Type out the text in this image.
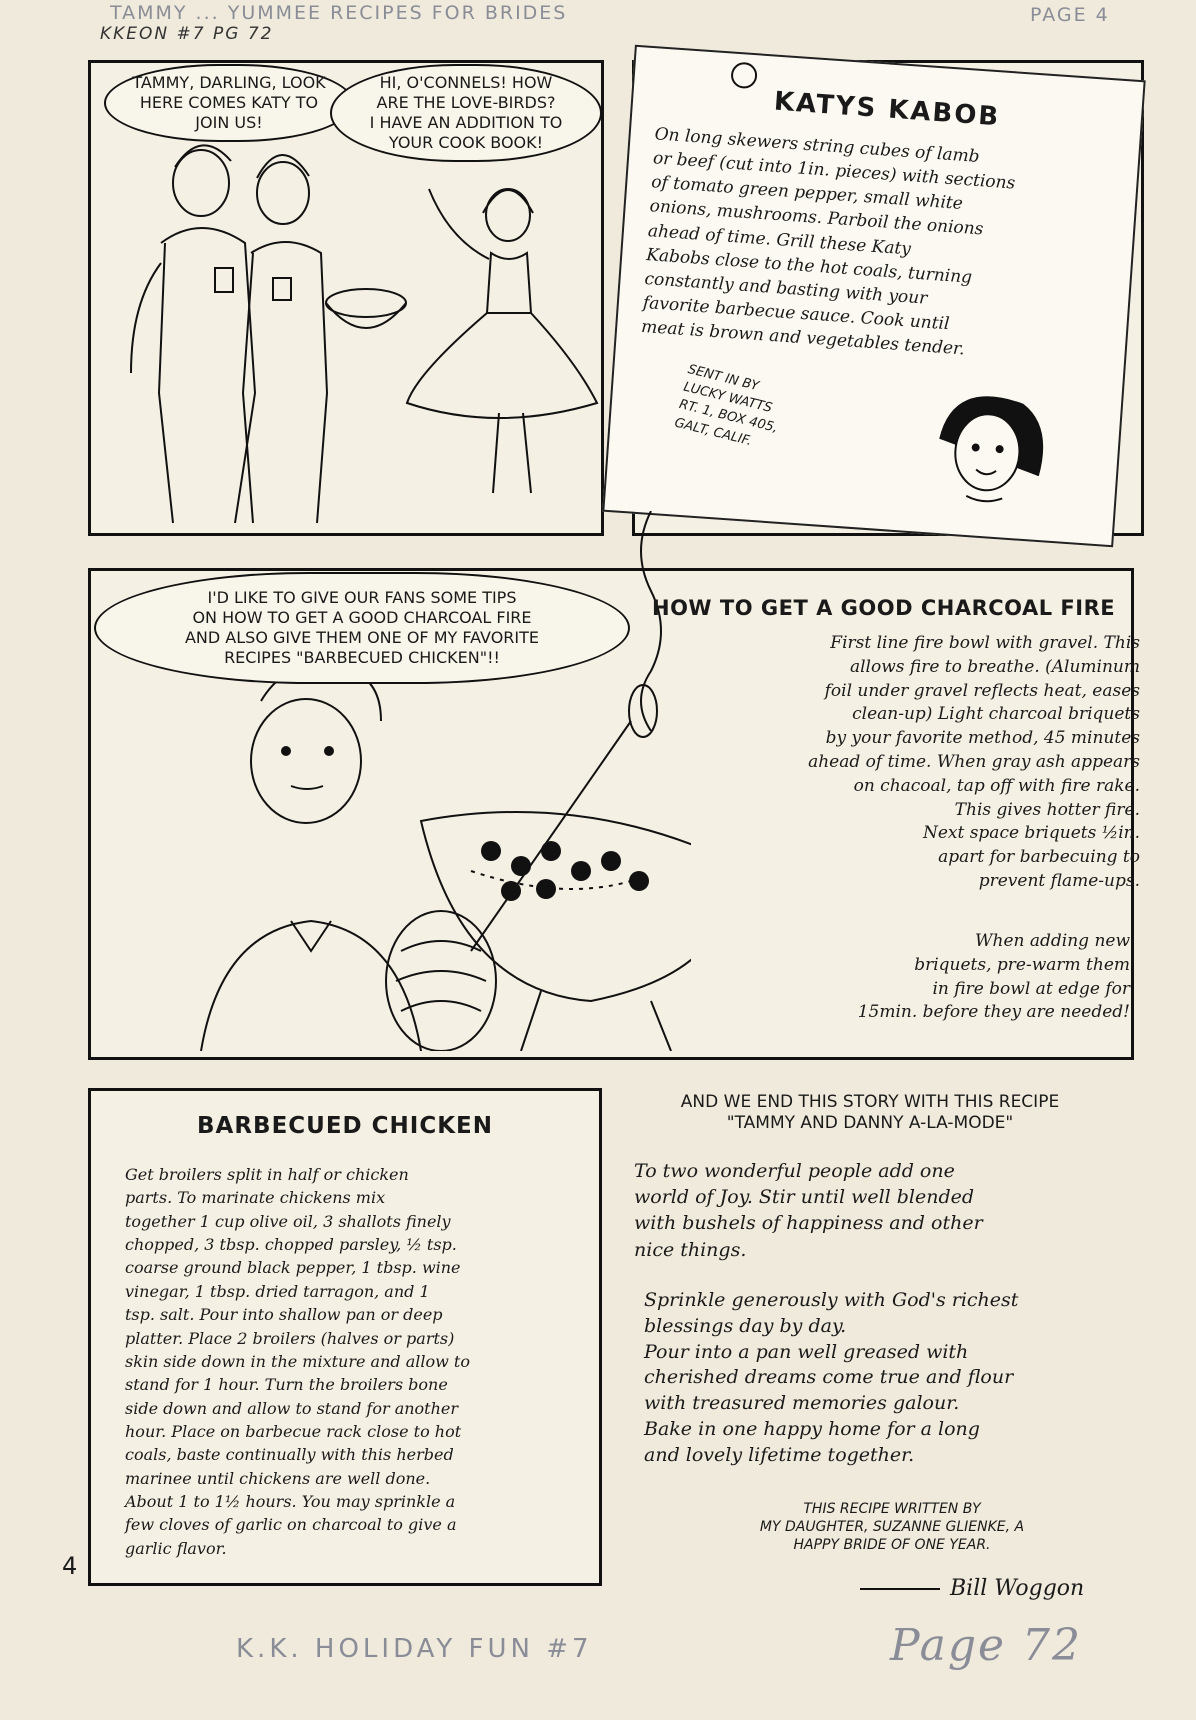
TAMMY ... YUMMEE RECIPES FOR BRIDES
KKEON #7 PG 72
PAGE 4
TAMMY, DARLING, LOOK
HERE COMES KATY TO
JOIN US!
HI, O'CONNELS! HOW
ARE THE LOVE-BIRDS?
I HAVE AN ADDITION TO
YOUR COOK BOOK!
KATYS KABOB
On long skewers string cubes of lamb
or beef (cut into 1in. pieces) with sections
of tomato green pepper, small white
onions, mushrooms. Parboil the onions
ahead of time. Grill these Katy
Kabobs close to the hot coals, turning
constantly and basting with your
favorite barbecue sauce. Cook until
meat is brown and vegetables tender.
SENT IN BY
LUCKY WATTS
RT. 1, BOX 405,
GALT, CALIF.
I'D LIKE TO GIVE OUR FANS SOME TIPS
ON HOW TO GET A GOOD CHARCOAL FIRE
AND ALSO GIVE THEM ONE OF MY FAVORITE
RECIPES "BARBECUED CHICKEN"!!
HOW TO GET A GOOD CHARCOAL FIRE
First line fire bowl with gravel. This
allows fire to breathe. (Aluminum
foil under gravel reflects heat, eases
clean-up) Light charcoal briquets
by your favorite method, 45 minutes
ahead of time. When gray ash appears
on chacoal, tap off with fire rake.
This gives hotter fire.
Next space briquets ½in.
apart for barbecuing to
prevent flame-ups.
When adding new
briquets, pre-warm them
in fire bowl at edge for
15min. before they are needed!
BARBECUED CHICKEN
Get broilers split in half or chicken
parts. To marinate chickens mix
together 1 cup olive oil, 3 shallots finely
chopped, 3 tbsp. chopped parsley, ½ tsp.
coarse ground black pepper, 1 tbsp. wine
vinegar, 1 tbsp. dried tarragon, and 1
tsp. salt. Pour into shallow pan or deep
platter. Place 2 broilers (halves or parts)
skin side down in the mixture and allow to
stand for 1 hour. Turn the broilers bone
side down and allow to stand for another
hour. Place on barbecue rack close to hot
coals, baste continually with this herbed
marinee until chickens are well done.
About 1 to 1½ hours. You may sprinkle a
few cloves of garlic on charcoal to give a
garlic flavor.
4
AND WE END THIS STORY WITH THIS RECIPE
"TAMMY AND DANNY A-LA-MODE"
To two wonderful people add one
world of Joy. Stir until well blended
with bushels of happiness and other
nice things.
Sprinkle generously with God's richest
blessings day by day.
Pour into a pan well greased with
cherished dreams come true and flour
with treasured memories galour.
Bake in one happy home for a long
and lovely lifetime together.
THIS RECIPE WRITTEN BY
MY DAUGHTER, SUZANNE GLIENKE, A
HAPPY BRIDE OF ONE YEAR.
Bill Woggon
K.K. HOLIDAY FUN #7	Page 72
